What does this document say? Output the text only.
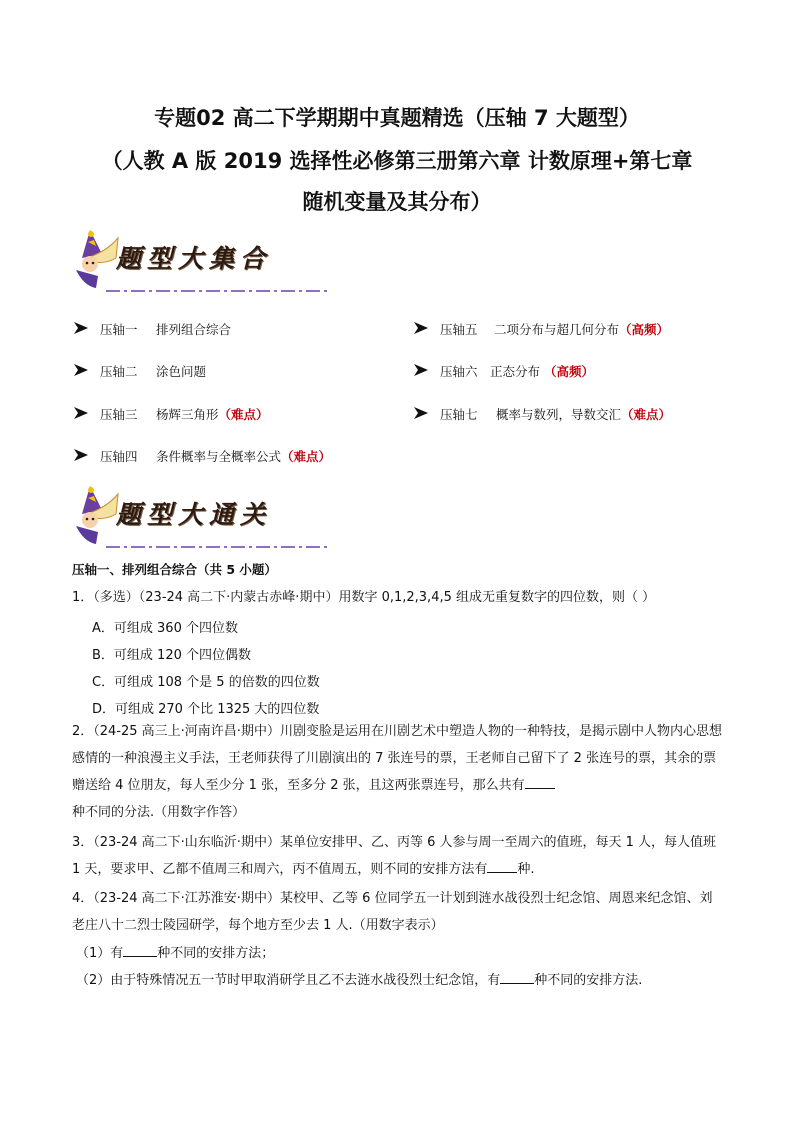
专题02 高二下学期期中真题精选（压轴 7 大题型）
（人教 A 版 2019 选择性必修第三册第六章 计数原理+第七章
随机变量及其分布）
题型大集合
压轴一 排列组合综合
压轴二 涂色问题
压轴三 杨辉三角形（难点）
压轴四 条件概率与全概率公式（难点）
压轴五 二项分布与超几何分布（高频）
压轴六 正态分布 （高频）
压轴七 概率与数列，导数交汇（难点）
题型大通关
压轴一、排列组合综合（共 5 小题）
1．（多选）（23-24 高二下·内蒙古赤峰·期中）用数字 0,1,2,3,4,5 组成无重复数字的四位数，则（ ）
A．可组成 360 个四位数
B．可组成 120 个四位偶数
C．可组成 108 个是 5 的倍数的四位数
D．可组成 270 个比 1325 大的四位数
2．（24-25 高三上·河南许昌·期中）川剧变脸是运用在川剧艺术中塑造人物的一种特技，是揭示剧中人物内心思想感情的一种浪漫主义手法，王老师获得了川剧演出的 7 张连号的票，王老师自己留下了 2 张连号的票，其余的票赠送给 4 位朋友，每人至少分 1 张，至多分 2 张，且这两张票连号，那么共有种不同的分法.（用数字作答）
3．（23-24 高二下·山东临沂·期中）某单位安排甲、乙、丙等 6 人参与周一至周六的值班，每天 1 人，每人值班 1 天，要求甲、乙都不值周三和周六，丙不值周五，则不同的安排方法有 种.
4．（23-24 高二下·江苏淮安·期中）某校甲、乙等 6 位同学五一计划到涟水战役烈士纪念馆、周恩来纪念馆、刘老庄八十二烈士陵园研学，每个地方至少去 1 人.（用数字表示）
（1）有	种不同的安排方法；
（2）由于特殊情况五一节时甲取消研学且乙不去涟水战役烈士纪念馆，有	种不同的安排方法.
